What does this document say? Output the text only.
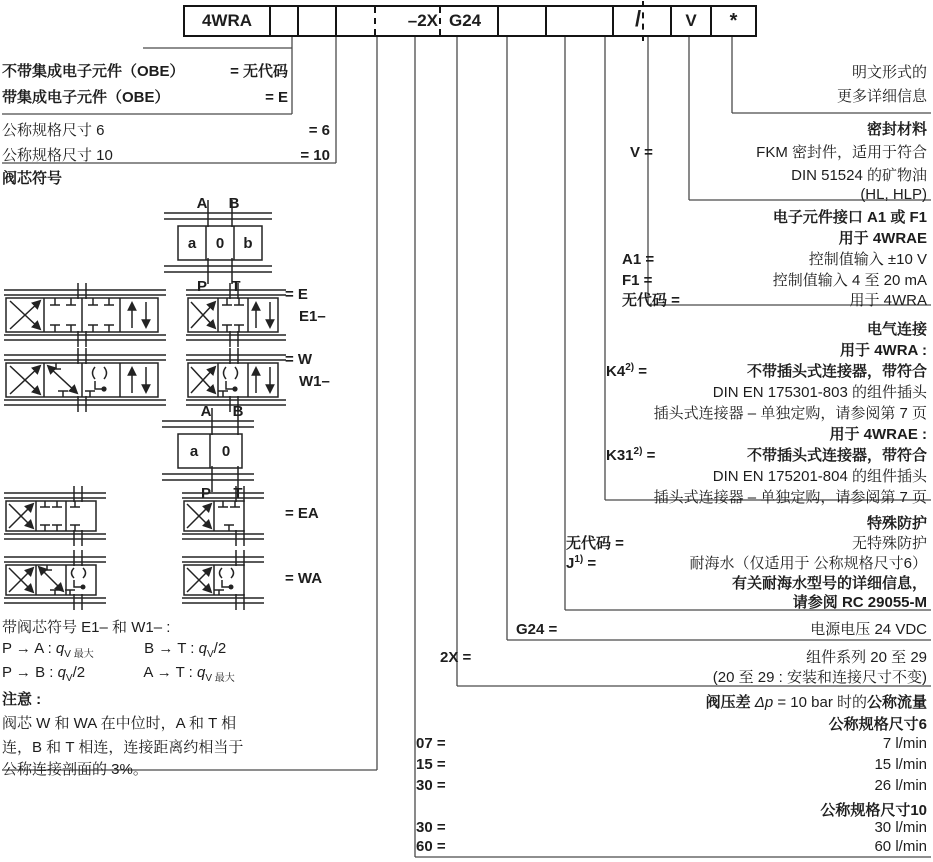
4WRA	–2X G24	/	V	*
不带集成电子元件（OBE）	= 无代码
带集成电子元件（OBE）	= E
公称规格尺寸 6	= 6
公称规格尺寸 10	= 10
阀芯符号
A B
a 0 b
P T	= E
E1–
= W
W1–
A B
a 0
P T
= EA
= WA
带阀芯符号 E1– 和 W1– :
P → A : $q_{V 最大}$	B → T : $q_V/2$
P → B : $q_V/2$	A → T : $q_{V 最大}$
注意 :
阀芯 W 和 WA 在中位时，A 和 T 相
连，B 和 T 相连，连接距离约相当于
公称连接剖面的 3%。
明文形式的
更多详细信息
密封材料
V =	FKM 密封件，适用于符合
DIN 51524 的矿物油
(HL, HLP)
电子元件接口 A1 或 F1
用于 4WRAE
A1 =	控制值输入 ±10 V
F1 =	控制值输入 4 至 20 mA
无代码 =	用于 4WRA
电气连接
用于 4WRA :
$K4^{2)}$ =	不带插头式连接器，带符合
DIN EN 175301-803 的组件插头
插头式连接器 – 单独定购，请参阅第 7 页
用于 4WRAE :
$K31^{2)}$ =	不带插头式连接器，带符合
DIN EN 175201-804 的组件插头
插头式连接器 – 单独定购，请参阅第 7 页
特殊防护
无代码 =	无特殊防护
$J^{1)}$ =	耐海水（仅适用于 公称规格尺寸6）
有关耐海水型号的详细信息，
请参阅 RC 29055-M
G24 =	电源电压 24 VDC
2X =	组件系列 20 至 29
(20 至 29 : 安装和连接尺寸不变)
阀压差 Δp = 10 bar 时的公称流量
公称规格尺寸6
07 =	7 l/min
15 =	15 l/min
30 =	26 l/min
公称规格尺寸10
30 =	30 l/min
60 =	60 l/min
